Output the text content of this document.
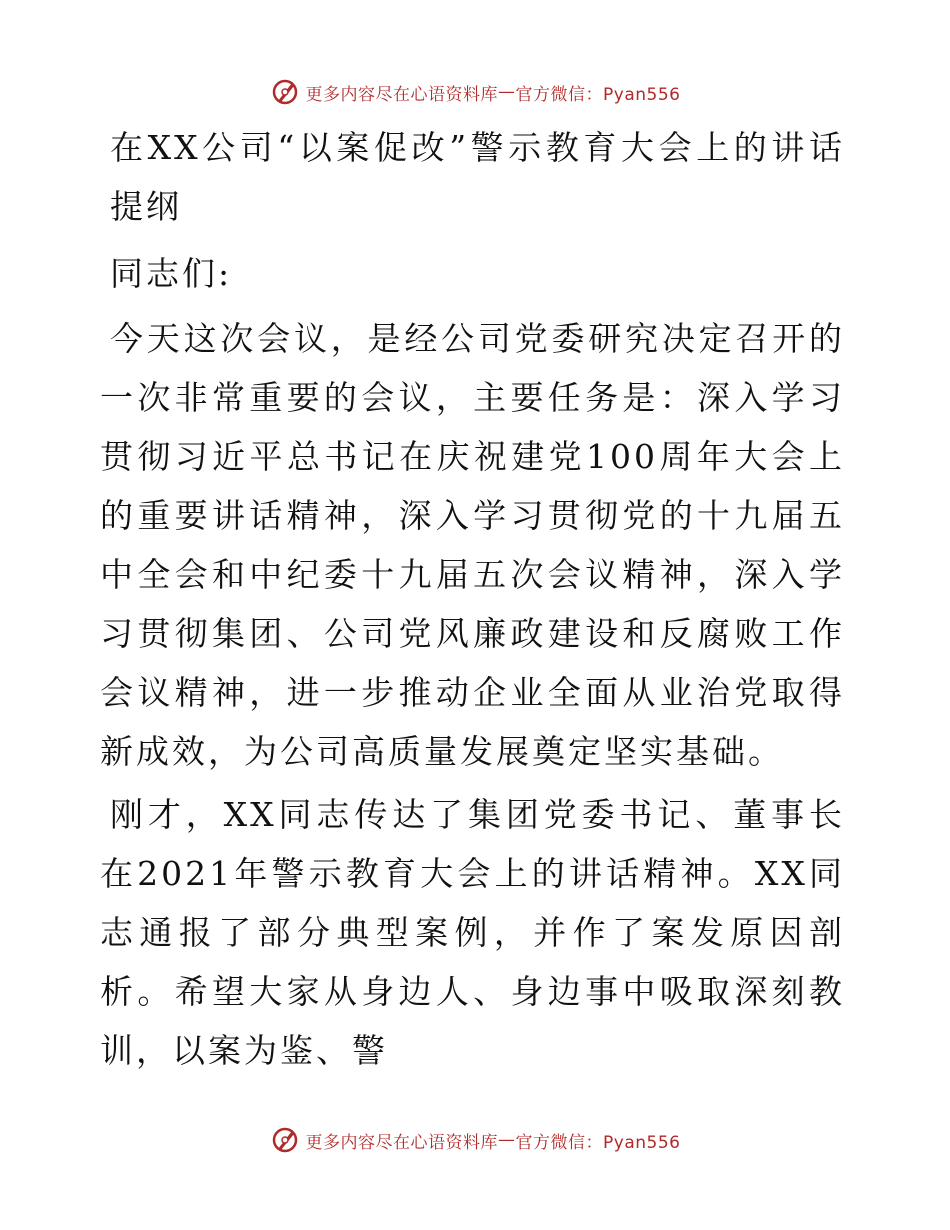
更多内容尽在心语资料库 — 官方微信：Pyan556
在XX公司“以案促改”警示教育大会上的讲话提纲

同志们:

今天这次会议，是经公司党委研究决定召开的一次非常重要的会议，主要任务是：深入学习贯彻习近平总书记在庆祝建党100周年大会上的重要讲话精神，深入学习贯彻党的十九届五中全会和中纪委十九届五次会议精神，深入学习贯彻集团、公司党风廉政建设和反腐败工作会议精神，进一步推动企业全面从业治党取得新成效，为公司高质量发展奠定坚实基础。

刚才，XX同志传达了集团党委书记、董事长在2021年警示教育大会上的讲话精神。XX同志通报了部分典型案例，并作了案发原因剖析。希望大家从身边人、身边事中吸取深刻教训，以案为鉴、警

更多内容尽在心语资料库 — 官方微信：Pyan556
